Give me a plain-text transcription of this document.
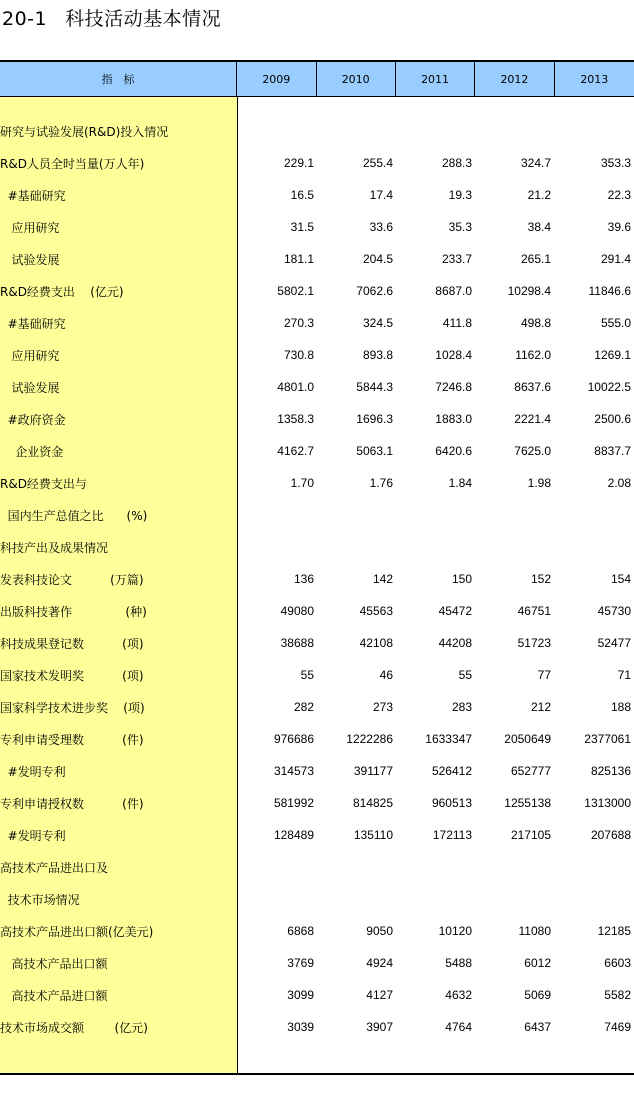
20-1 科技活动基本情况
指　标	2009	2010	2011	2012	2013
研究与试验发展(R&D)投入情况
R&D人员全时当量(万人年)	229.1	255.4	288.3	324.7	353.3
#基础研究	16.5	17.4	19.3	21.2	22.3
应用研究	31.5	33.6	35.3	38.4	39.6
试验发展	181.1	204.5	233.7	265.1	291.4
R&D经费支出    (亿元)	5802.1	7062.6	8687.0	10298.4	11846.6
#基础研究	270.3	324.5	411.8	498.8	555.0
应用研究	730.8	893.8	1028.4	1162.0	1269.1
试验发展	4801.0	5844.3	7246.8	8637.6	10022.5
#政府资金	1358.3	1696.3	1883.0	2221.4	2500.6
企业资金	4162.7	5063.1	6420.6	7625.0	8837.7
R&D经费支出与	1.70	1.76	1.84	1.98	2.08
国内生产总值之比      (%)
科技产出及成果情况
发表科技论文          (万篇)	136	142	150	152	154
出版科技著作              (种)	49080	45563	45472	46751	45730
科技成果登记数          (项)	38688	42108	44208	51723	52477
国家技术发明奖          (项)	55	46	55	77	71
国家科学技术进步奖    (项)	282	273	283	212	188
专利申请受理数          (件)	976686	1222286	1633347	2050649	2377061
#发明专利	314573	391177	526412	652777	825136
专利申请授权数          (件)	581992	814825	960513	1255138	1313000
#发明专利	128489	135110	172113	217105	207688
高技术产品进出口及
技术市场情况
高技术产品进出口额(亿美元)	6868	9050	10120	11080	12185
高技术产品出口额	3769	4924	5488	6012	6603
高技术产品进口额	3099	4127	4632	5069	5582
技术市场成交额        (亿元)	3039	3907	4764	6437	7469
